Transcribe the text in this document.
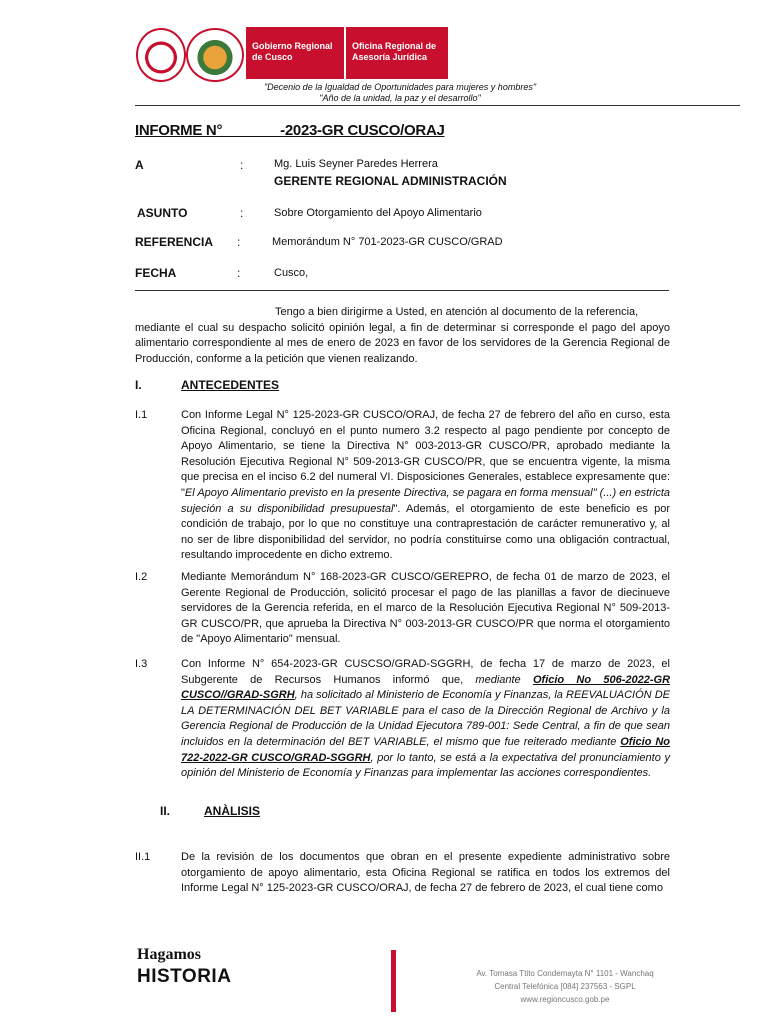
Gobierno Regional
de Cusco
Oficina Regional de
Asesoría Jurídica
"Decenio de la Igualdad de Oportunidades para mujeres y hombres"
"Año de la unidad, la paz y el desarrollo"
INFORME N°               -2023-GR CUSCO/ORAJ
A	:	Mg. Luis Seyner Paredes Herrera
GERENTE REGIONAL ADMINISTRACIÓN
ASUNTO	:	Sobre Otorgamiento del Apoyo Alimentario
REFERENCIA :	Memorándum N° 701-2023-GR CUSCO/GRAD
FECHA	:	Cusco,
Tengo a bien dirigirme a Usted, en atención al documento de la referencia,
mediante el cual su despacho solicitó opinión legal, a fin de determinar si corresponde el pago del apoyo alimentario correspondiente al mes de enero de 2023 en favor de los servidores de la Gerencia Regional de Producción, conforme a la petición que vienen realizando.
I.	ANTECEDENTES
I.1	Con Informe Legal N° 125-2023-GR CUSCO/ORAJ, de fecha 27 de febrero del año en curso, esta Oficina Regional, concluyó en el punto numero 3.2 respecto al pago pendiente por concepto de Apoyo Alimentario, se tiene la Directiva N° 003-2013-GR CUSCO/PR, aprobado mediante la Resolución Ejecutiva Regional N° 509-2013-GR CUSCO/PR, que se encuentra vigente, la misma que precisa en el inciso 6.2 del numeral VI. Disposiciones Generales, establece expresamente que: "El Apoyo Alimentario previsto en la presente Directiva, se pagara en forma mensual" (...) en estricta sujeción a su disponibilidad presupuestal". Además, el otorgamiento de este beneficio es por condición de trabajo, por lo que no constituye una contraprestación de carácter remunerativo y, al no ser de libre disponibilidad del servidor, no podría constituirse como una obligación contractual, resultando improcedente en dicho extremo.
I.2	Mediante Memorándum N° 168-2023-GR CUSCO/GEREPRO, de fecha 01 de marzo de 2023, el Gerente Regional de Producción, solicitó procesar el pago de las planillas a favor de diecinueve servidores de la Gerencia referida, en el marco de la Resolución Ejecutiva Regional N° 509-2013-GR CUSCO/PR, que aprueba la Directiva N° 003-2013-GR CUSCO/PR que norma el otorgamiento de "Apoyo Alimentario" mensual.
I.3	Con Informe N° 654-2023-GR CUSCSO/GRAD-SGGRH, de fecha 17 de marzo de 2023, el Subgerente de Recursos Humanos informó que, mediante Oficio No 506-2022-GR CUSCO//GRAD-SGRH, ha solicitado al Ministerio de Economía y Finanzas, la REEVALUACIÓN DE LA DETERMINACIÓN DEL BET VARIABLE para el caso de la Dirección Regional de Archivo y la Gerencia Regional de Producción de la Unidad Ejecutora 789-001: Sede Central, a fin de que sean incluidos en la determinación del BET VARIABLE, el mismo que fue reiterado mediante Oficio No 722-2022-GR CUSCO/GRAD-SGGRH, por lo tanto, se está a la expectativa del pronunciamiento y opinión del Ministerio de Economía y Finanzas para implementar las acciones correspondientes.
II.	ANÀLISIS
II.1	De la revisión de los documentos que obran en el presente expediente administrativo sobre otorgamiento de apoyo alimentario, esta Oficina Regional se ratifica en todos los extremos del Informe Legal N° 125-2023-GR CUSCO/ORAJ, de fecha 27 de febrero de 2023, el cual tiene como
Hagamos
HISTORIA	Av. Tomasa Ttito Condemayta N° 1101 - Wanchaq
Central Telefónica [084] 237563 - SGPL
www.regioncusco.gob.pe
